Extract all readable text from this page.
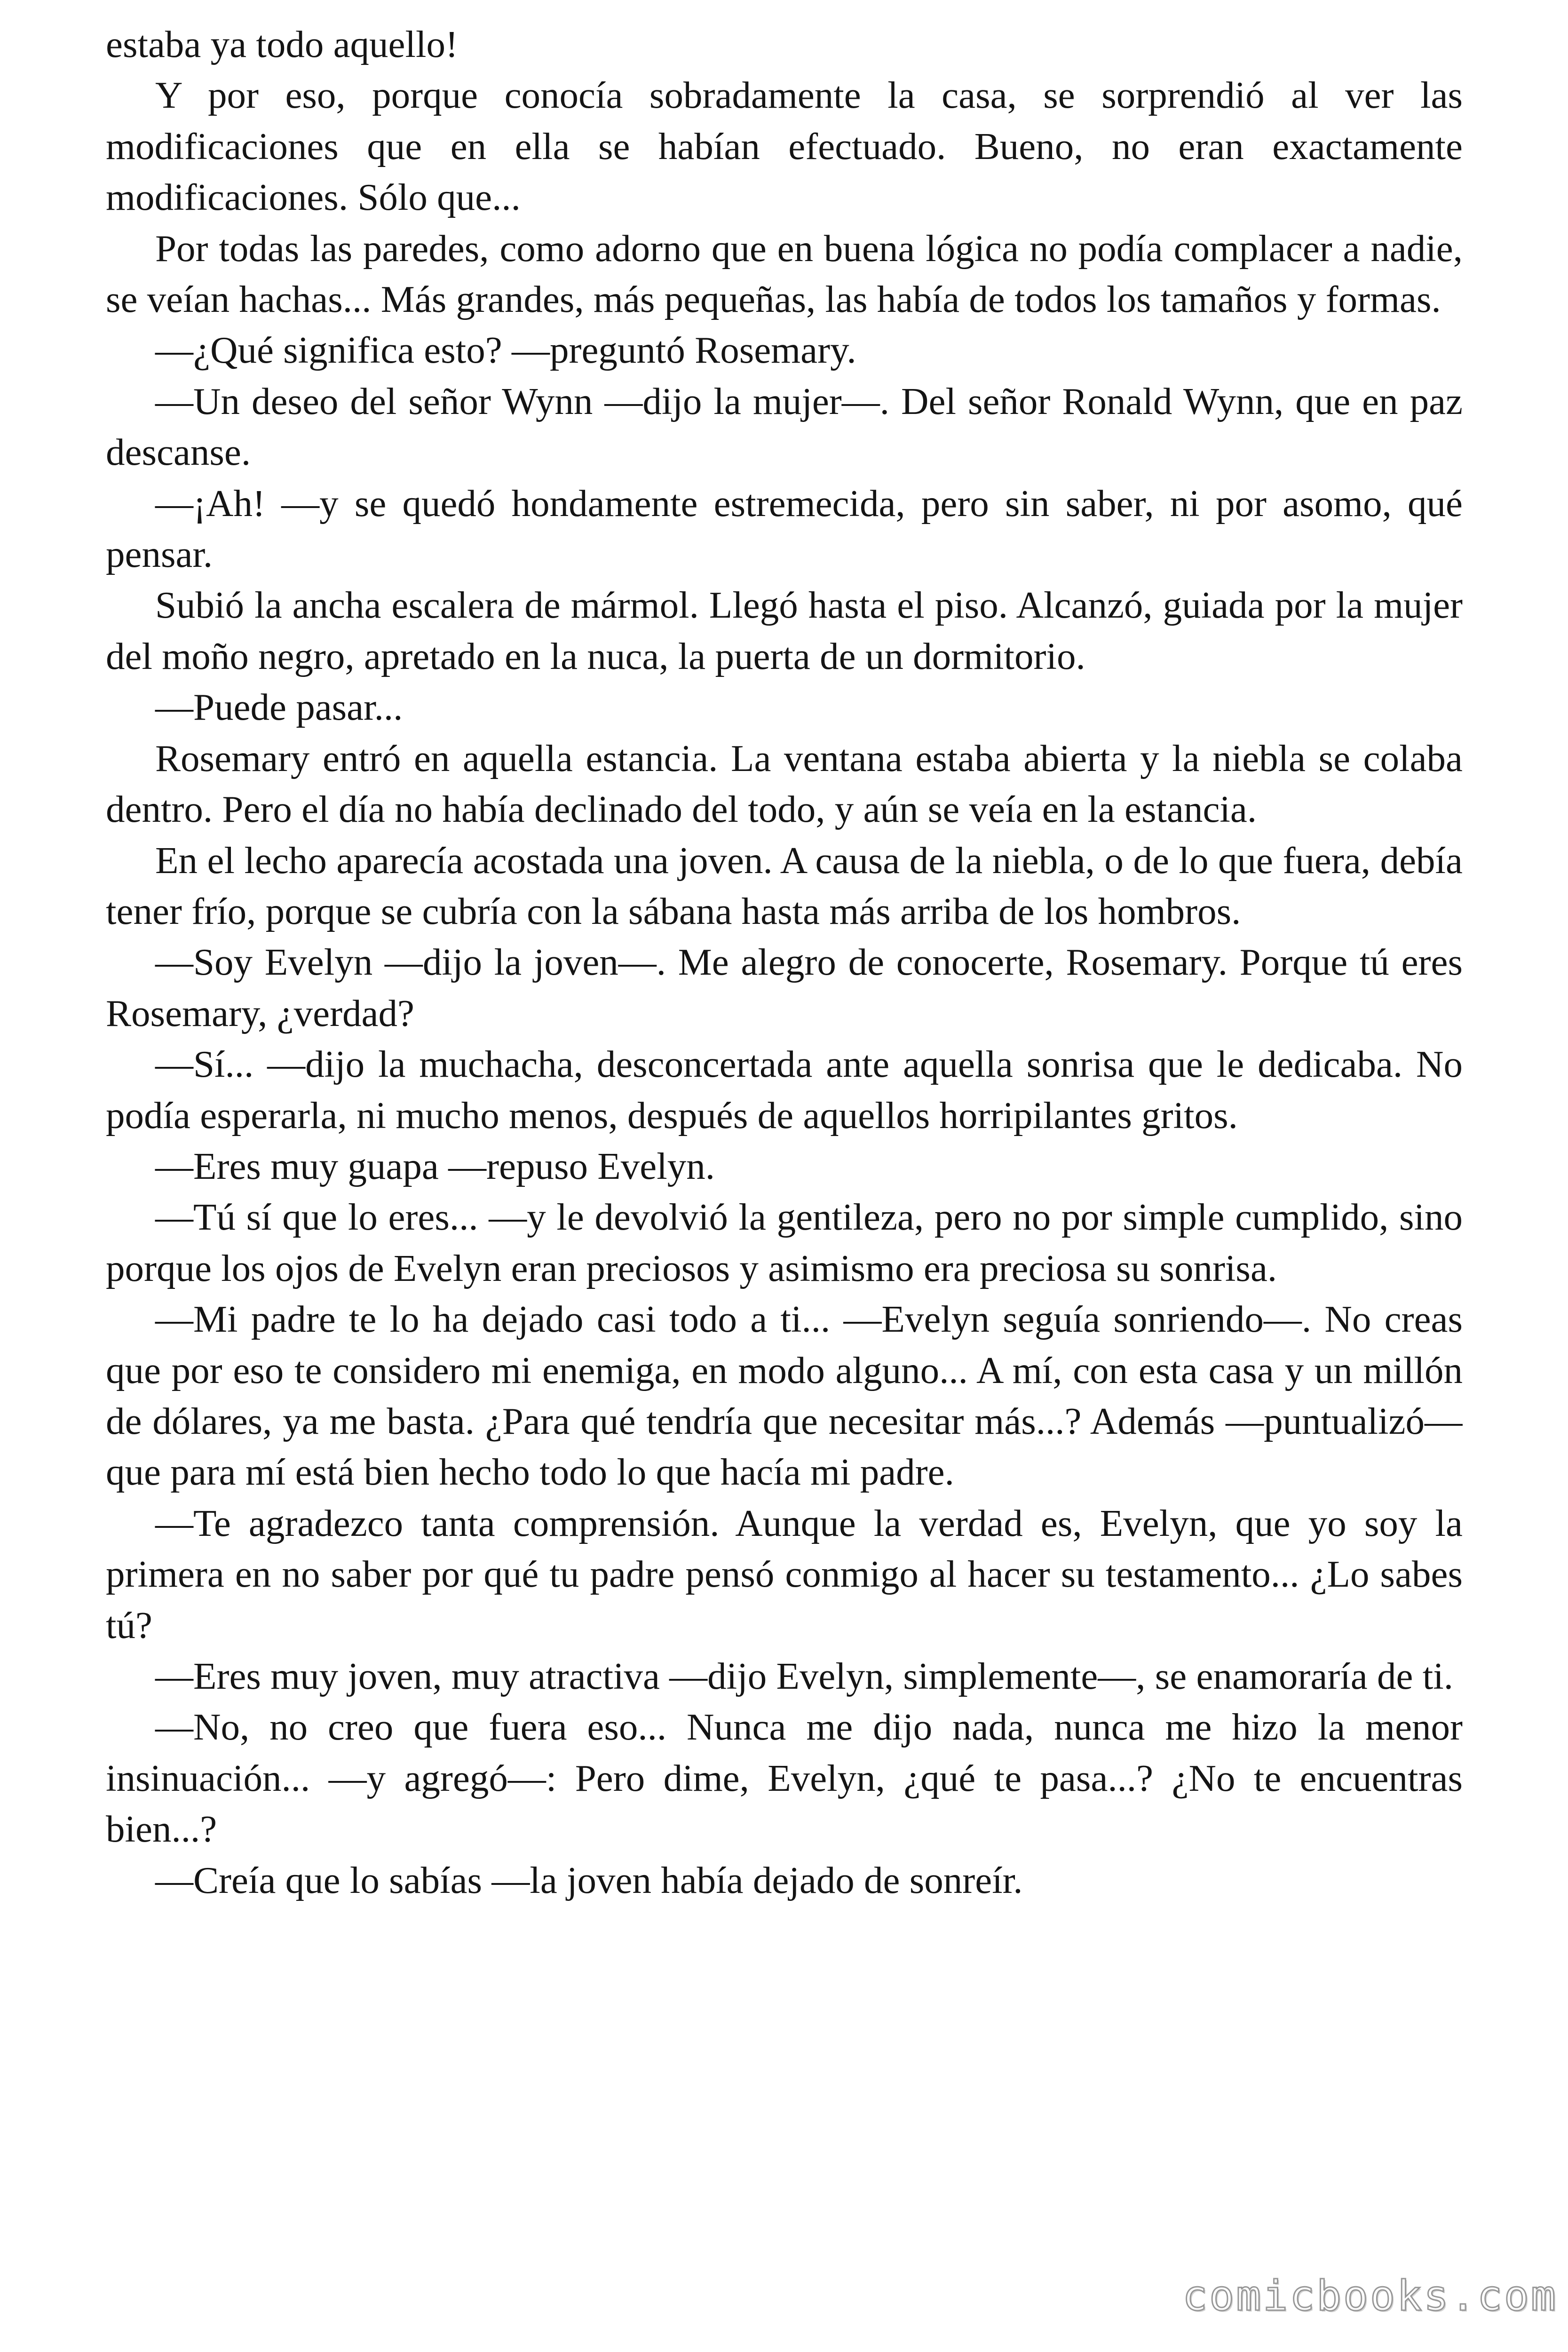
estaba ya todo aquello!

Y por eso, porque conocía sobradamente la casa, se sorprendió al ver las modificaciones que en ella se habían efectuado. Bueno, no eran exactamente modificaciones. Sólo que...

Por todas las paredes, como adorno que en buena lógica no podía complacer a nadie, se veían hachas... Más grandes, más pequeñas, las había de todos los tamaños y formas.

—¿Qué significa esto? —preguntó Rosemary.

—Un deseo del señor Wynn —dijo la mujer—. Del señor Ronald Wynn, que en paz descanse.

—¡Ah! —y se quedó hondamente estremecida, pero sin saber, ni por asomo, qué pensar.

Subió la ancha escalera de mármol. Llegó hasta el piso. Alcanzó, guiada por la mujer del moño negro, apretado en la nuca, la puerta de un dormitorio.

—Puede pasar...

Rosemary entró en aquella estancia. La ventana estaba abierta y la niebla se colaba dentro. Pero el día no había declinado del todo, y aún se veía en la estancia.

En el lecho aparecía acostada una joven. A causa de la niebla, o de lo que fuera, debía tener frío, porque se cubría con la sábana hasta más arriba de los hombros.

—Soy Evelyn —dijo la joven—. Me alegro de conocerte, Rosemary. Porque tú eres Rosemary, ¿verdad?

—Sí... —dijo la muchacha, desconcertada ante aquella sonrisa que le dedicaba. No podía esperarla, ni mucho menos, después de aquellos horripilantes gritos.

—Eres muy guapa —repuso Evelyn.

—Tú sí que lo eres... —y le devolvió la gentileza, pero no por simple cumplido, sino porque los ojos de Evelyn eran preciosos y asimismo era preciosa su sonrisa.

—Mi padre te lo ha dejado casi todo a ti... —Evelyn seguía sonriendo—. No creas que por eso te considero mi enemiga, en modo alguno... A mí, con esta casa y un millón de dólares, ya me basta. ¿Para qué tendría que necesitar más...? Además —puntualizó— que para mí está bien hecho todo lo que hacía mi padre.

—Te agradezco tanta comprensión. Aunque la verdad es, Evelyn, que yo soy la primera en no saber por qué tu padre pensó conmigo al hacer su testamento... ¿Lo sabes tú?

—Eres muy joven, muy atractiva —dijo Evelyn, simplemente—, se enamoraría de ti.

—No, no creo que fuera eso... Nunca me dijo nada, nunca me hizo la menor insinuación... —y agregó—: Pero dime, Evelyn, ¿qué te pasa...? ¿No te encuentras bien...?

—Creía que lo sabías —la joven había dejado de sonreír.

comicbooks.com
